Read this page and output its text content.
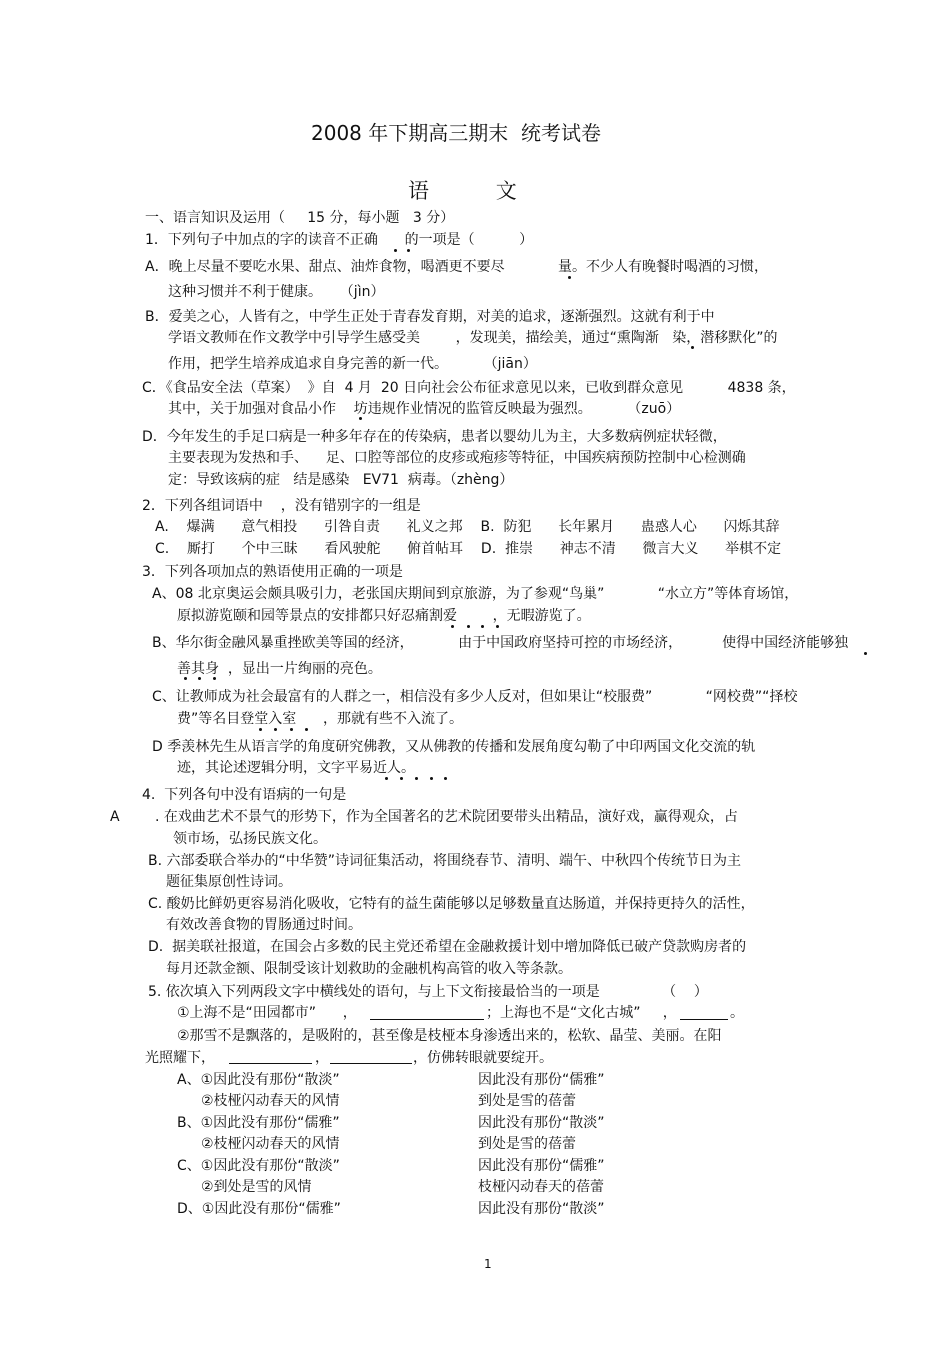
2008 年下期高三期末  统考试卷
语          文
一、语言知识及运用（     15 分，每小题   3 分）
1．下列句子中加点的字的读音不正确      的一项是（          ）
A．晚上尽量不要吃水果、甜点、油炸食物，喝酒更不要尽            量。不少人有晚餐时喝酒的习惯，
这种习惯并不利于健康。    （jìn）
B．爱美之心，人皆有之，中学生正处于青春发育期，对美的追求，逐渐强烈。这就有利于中
学语文教师在作文教学中引导学生感受美        ，发现美，描绘美，通过“熏陶渐   染，潜移默化”的
作用，把学生培养成追求自身完善的新一代。        （jiān）
C．《食品安全法（草案）  》自  4 月  20 日向社会公布征求意见以来，已收到群众意见          4838 条，
其中，关于加强对食品小作    坊违规作业情况的监管反映最为强烈。        （zuō）
D．今年发生的手足口病是一种多年存在的传染病，患者以婴幼儿为主，大多数病例症状轻微，
主要表现为发热和手、    足、口腔等部位的皮疹或疱疹等特征，中国疾病预防控制中心检测确
定：导致该病的症   结是感染   EV71  病毒。（zhèng）
2．下列各组词语中    ，没有错别字的一组是
A.    爆满      意气相投      引咎自责      礼义之邦    B.  防犯      长年累月      蛊惑人心      闪烁其辞
C.    厮打      个中三昧      看风驶舵      俯首帖耳    D.  推崇      神志不清      微言大义      举棋不定
3．下列各项加点的熟语使用正确的一项是
A、08 北京奥运会颇具吸引力，老张国庆期间到京旅游，为了参观“鸟巢”            “水立方”等体育场馆，
原拟游览颐和园等景点的安排都只好忍痛割爱        ，无暇游览了。
B、华尔街金融风暴重挫欧美等国的经济，          由于中国政府坚持可控的市场经济，         使得中国经济能够独
善其身  ，显出一片绚丽的亮色。
C、让教师成为社会最富有的人群之一，相信没有多少人反对，但如果让“校服费”            “网校费”“择校
费”等名目登堂入室      ，那就有些不入流了。
D 季羡林先生从语言学的角度研究佛教，又从佛教的传播和发展角度勾勒了中印两国文化交流的轨
迹，其论述逻辑分明，文字平易近人。
4.  下列各句中没有语病的一句是
A	. 在戏曲艺术不景气的形势下，作为全国著名的艺术院团要带头出精品，演好戏，赢得观众，占
领市场，弘扬民族文化。
B. 六部委联合举办的“中华赞”诗词征集活动，将围绕春节、清明、端午、中秋四个传统节日为主
题征集原创性诗词。
C. 酸奶比鲜奶更容易消化吸收，它特有的益生菌能够以足够数量直达肠道，并保持更持久的活性，
有效改善食物的胃肠通过时间。
D.  据美联社报道，在国会占多数的民主党还希望在金融救援计划中增加降低已破产贷款购房者的
每月还款金额、限制受该计划救助的金融机构高管的收入等条款。
5. 依次填入下列两段文字中横线处的语句，与上下文衔接最恰当的一项是              （    ）
①上海不是“田园都市”      ，	；上海也不是“文化古城”     ，	。
②那雪不是飘落的，是吸附的，甚至像是枝桠本身渗透出来的，松软、晶莹、美丽。在阳
光照耀下，	，	，仿佛转眼就要绽开。
A、①因此没有那份“散淡”	因此没有那份“儒雅”
②枝桠闪动春天的风情	到处是雪的蓓蕾
B、①因此没有那份“儒雅”	因此没有那份“散淡”
②枝桠闪动春天的风情	到处是雪的蓓蕾
C、①因此没有那份“散淡”	因此没有那份“儒雅”
②到处是雪的风情	枝桠闪动春天的蓓蕾
D、①因此没有那份“儒雅”	因此没有那份“散淡”
1
